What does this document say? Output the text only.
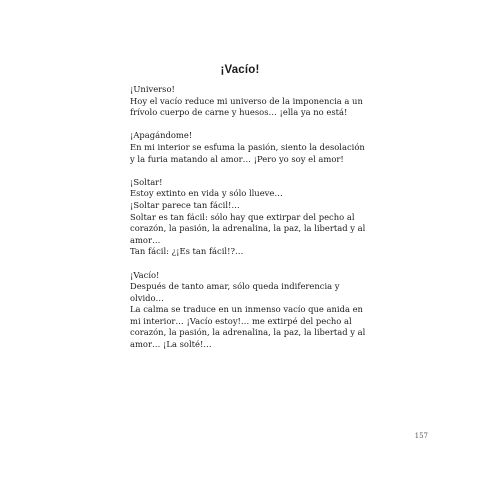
¡Vacío!
¡Universo!
Hoy el vacío reduce mi universo de la imponencia a un
frívolo cuerpo de carne y huesos… ¡ella ya no está!
¡Apagándome!
En mi interior se esfuma la pasión, siento la desolación
y la furia matando al amor… ¡Pero yo soy el amor!
¡Soltar!
Estoy extinto en vida y sólo llueve…
¡Soltar parece tan fácil!…
Soltar es tan fácil: sólo hay que extirpar del pecho al
corazón, la pasión, la adrenalina, la paz, la libertad y al
amor…
Tan fácil: ¿¡Es tan fácil!?…
¡Vacío!
Después de tanto amar, sólo queda indiferencia y
olvido…
La calma se traduce en un inmenso vacío que anida en
mi interior… ¡Vacío estoy!… me extirpé del pecho al
corazón, la pasión, la adrenalina, la paz, la libertad y al
amor… ¡La solté!…
157
